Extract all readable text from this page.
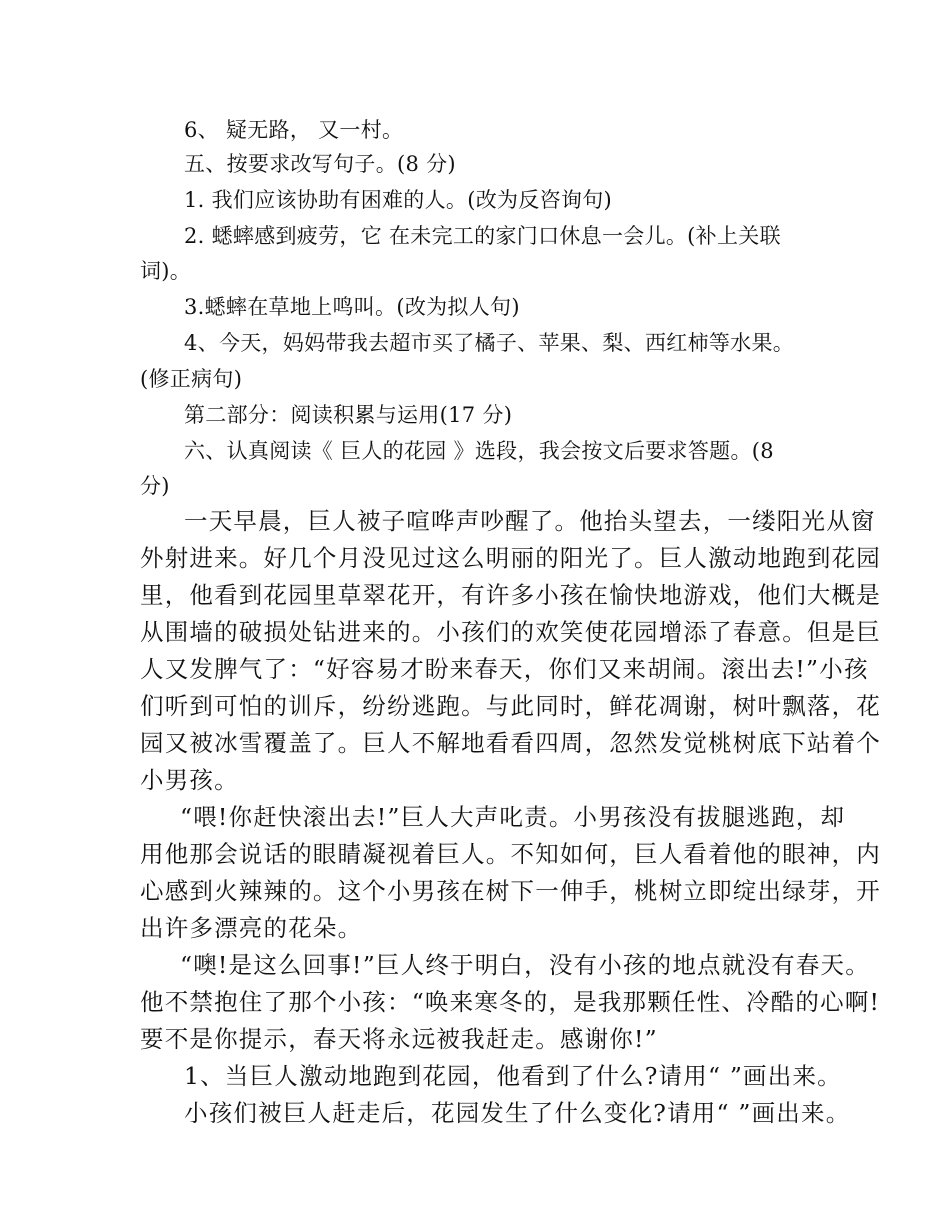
6、 疑无路， 又一村。
五、按要求改写句子。(8 分)
1. 我们应该协助有困难的人。(改为反咨询句)
2. 蟋蟀感到疲劳，它 在未完工的家门口休息一会儿。(补上关联
词)。
3.蟋蟀在草地上鸣叫。(改为拟人句)
4、今天，妈妈带我去超市买了橘子、苹果、梨、西红柿等水果。
(修正病句)
第二部分：阅读积累与运用(17 分)
六、认真阅读《 巨人的花园 》选段，我会按文后要求答题。(8
分)
一天早晨，巨人被子喧哗声吵醒了。他抬头望去，一缕阳光从窗
外射进来。好几个月没见过这么明丽的阳光了。巨人激动地跑到花园
里，他看到花园里草翠花开，有许多小孩在愉快地游戏，他们大概是
从围墙的破损处钻进来的。小孩们的欢笑使花园增添了春意。但是巨
人又发脾气了：“好容易才盼来春天，你们又来胡闹。滚出去!”小孩
们听到可怕的训斥，纷纷逃跑。与此同时，鲜花凋谢，树叶飘落，花
园又被冰雪覆盖了。巨人不解地看看四周，忽然发觉桃树底下站着个
小男孩。
“喂!你赶快滚出去!”巨人大声叱责。小男孩没有拔腿逃跑，却
用他那会说话的眼睛凝视着巨人。不知如何，巨人看着他的眼神，内
心感到火辣辣的。这个小男孩在树下一伸手，桃树立即绽出绿芽，开
出许多漂亮的花朵。
“噢!是这么回事!”巨人终于明白，没有小孩的地点就没有春天。
他不禁抱住了那个小孩：“唤来寒冬的，是我那颗任性、冷酷的心啊!
要不是你提示，春天将永远被我赶走。感谢你!”
1、当巨人激动地跑到花园，他看到了什么?请用“ ”画出来。
小孩们被巨人赶走后，花园发生了什么变化?请用“ ”画出来。
